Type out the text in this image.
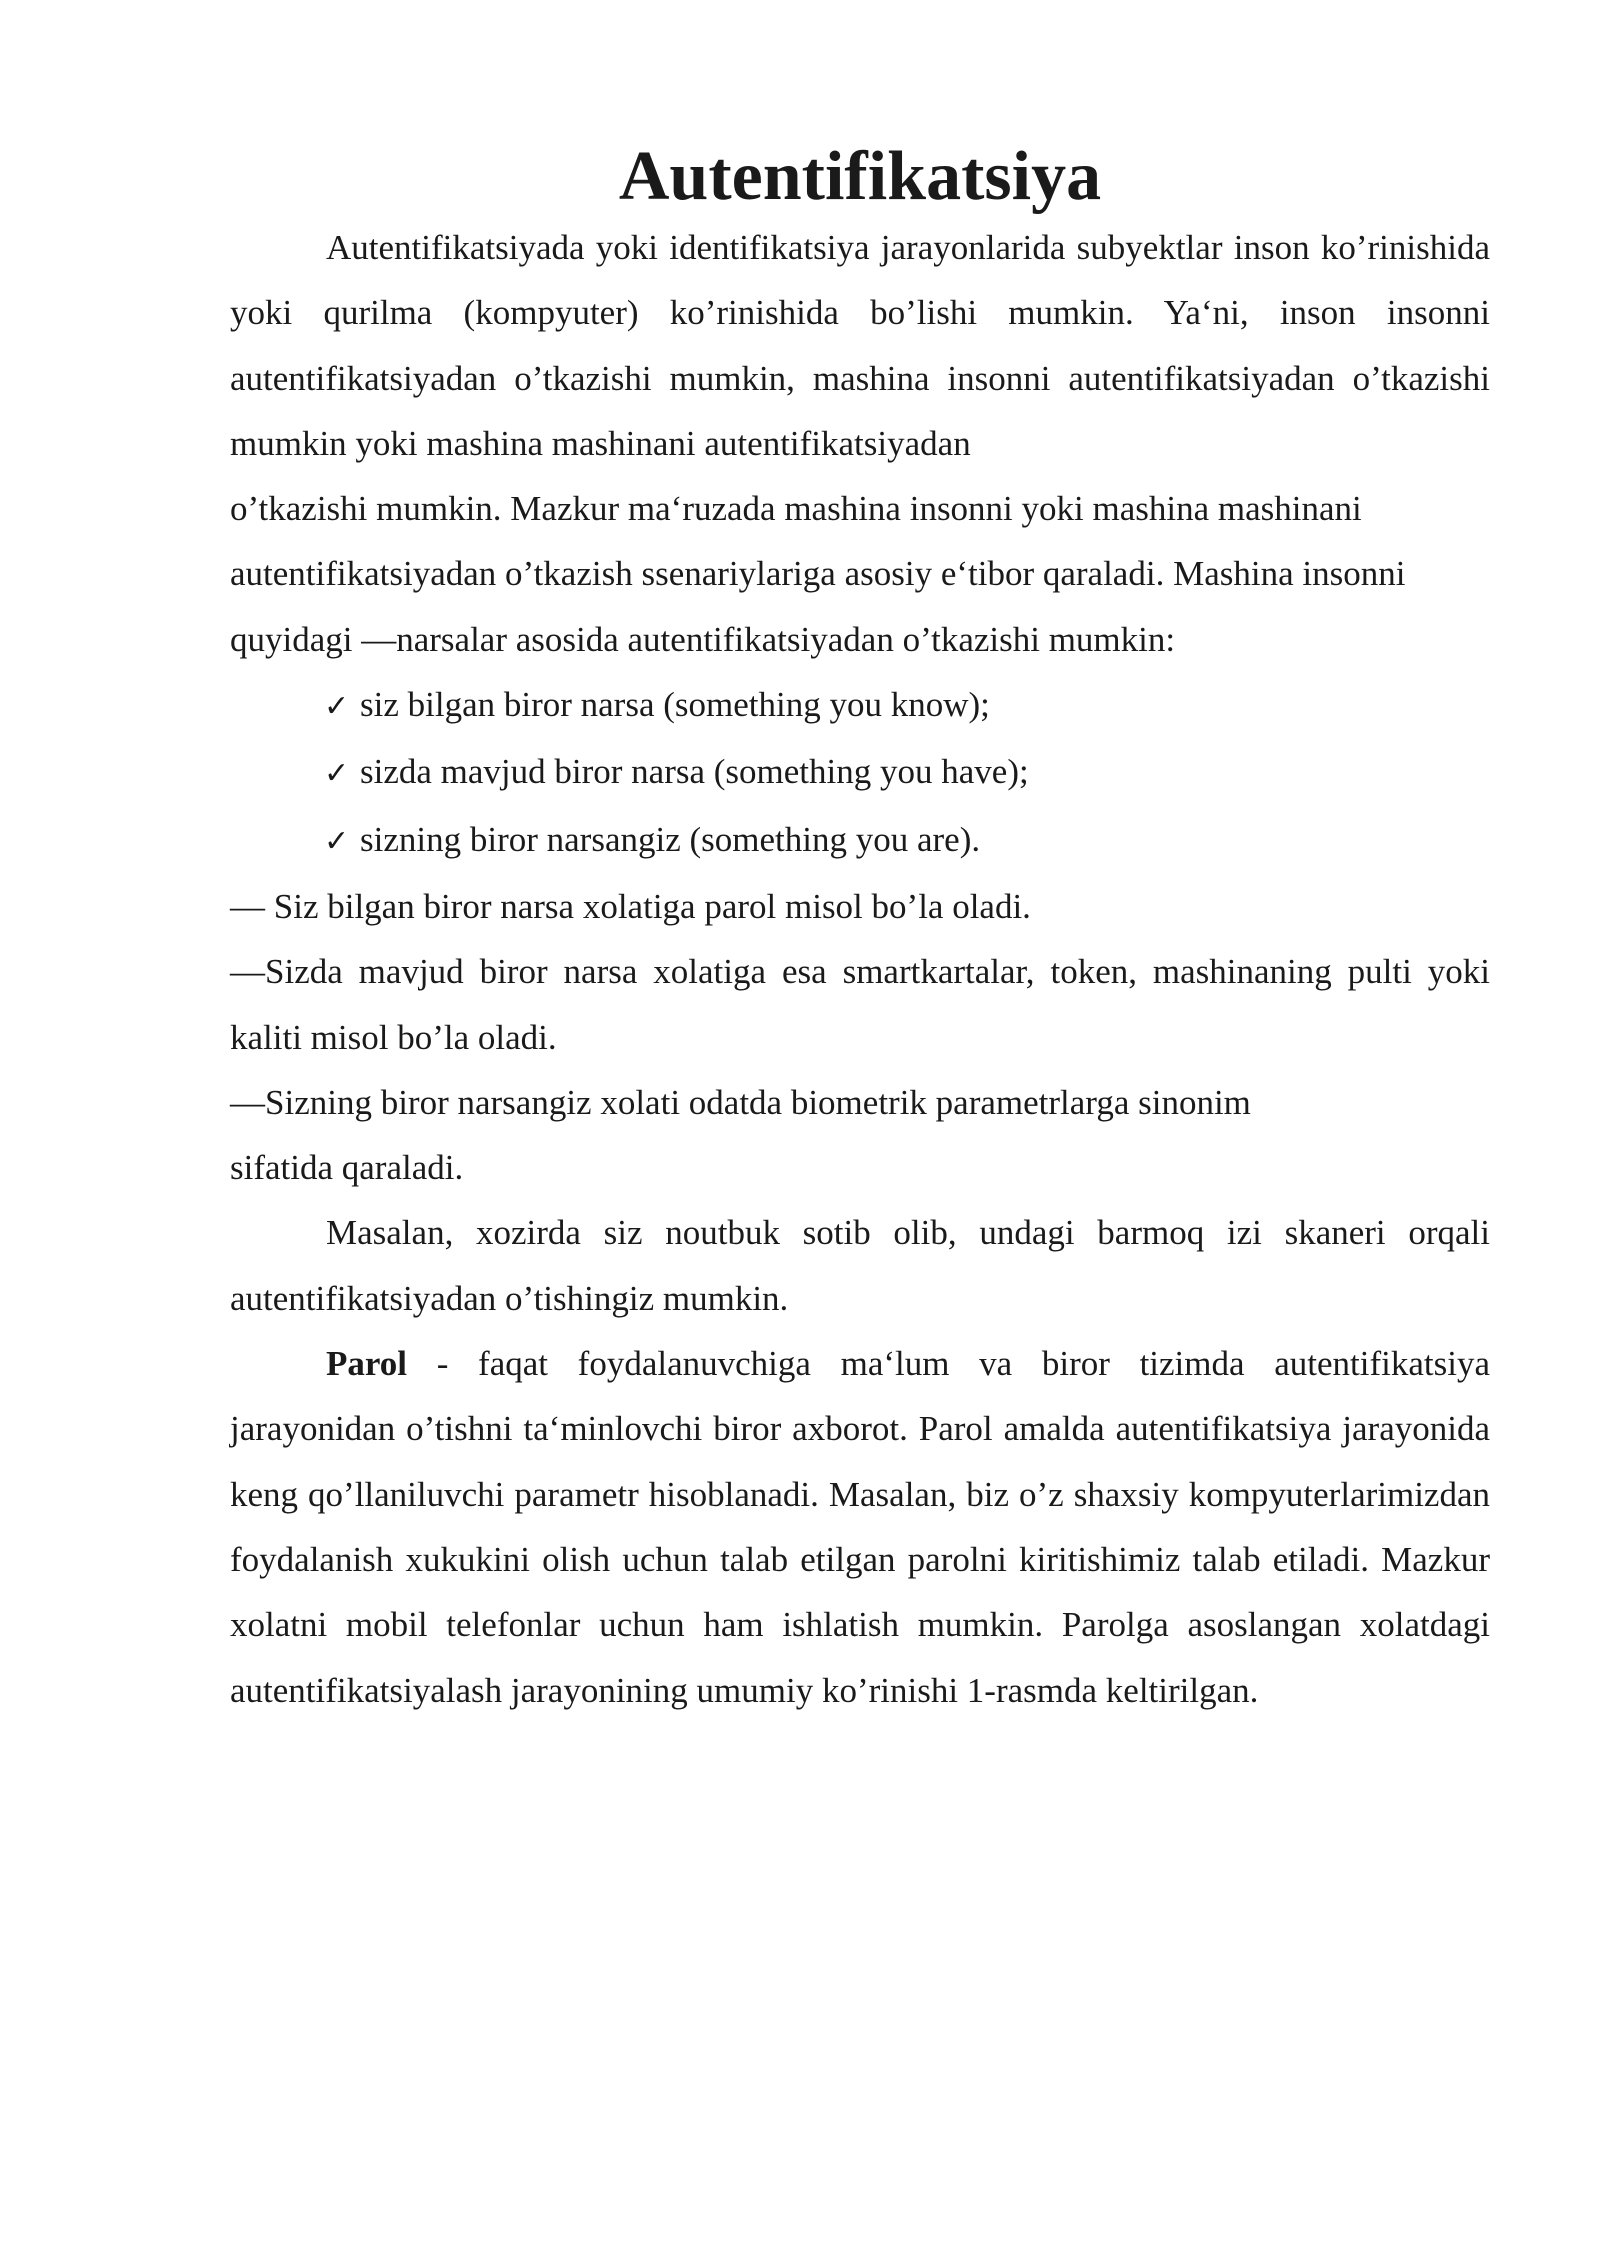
Autentifikatsiya

Autentifikatsiyada yoki identifikatsiya jarayonlarida subyektlar inson ko’rinishida yoki qurilma (kompyuter) ko’rinishida bo’lishi mumkin. Ya‘ni, inson insonni autentifikatsiyadan o’tkazishi mumkin, mashina insonni autentifikatsiyadan o’tkazishi mumkin yoki mashina mashinani autentifikatsiyadan

o’tkazishi mumkin. Mazkur ma‘ruzada mashina insonni yoki mashina mashinani
autentifikatsiyadan o’tkazish ssenariylariga asosiy e‘tibor qaraladi. Mashina insonni
quyidagi —narsalar asosida autentifikatsiyadan o’tkazishi mumkin:
✓ siz bilgan biror narsa (something you know);
✓ sizda mavjud biror narsa (something you have);
✓ sizning biror narsangiz (something you are).

— Siz bilgan biror narsa xolatiga parol misol bo’la oladi.

—Sizda mavjud biror narsa xolatiga esa smartkartalar, token, mashinaning pulti yoki kaliti misol bo’la oladi.

—Sizning biror narsangiz xolati odatda biometrik parametrlarga sinonim
sifatida qaraladi.

Masalan, xozirda siz noutbuk sotib olib, undagi barmoq izi skaneri orqali autentifikatsiyadan o’tishingiz mumkin.

Parol - faqat foydalanuvchiga ma‘lum va biror tizimda autentifikatsiya jarayonidan o’tishni ta‘minlovchi biror axborot. Parol amalda autentifikatsiya jarayonida keng qo’llaniluvchi parametr hisoblanadi. Masalan, biz o’z shaxsiy kompyuterlarimizdan foydalanish xukukini olish uchun talab etilgan parolni kiritishimiz talab etiladi. Mazkur xolatni mobil telefonlar uchun ham ishlatish mumkin. Parolga asoslangan xolatdagi autentifikatsiyalash jarayonining umumiy ko’rinishi 1-rasmda keltirilgan.
